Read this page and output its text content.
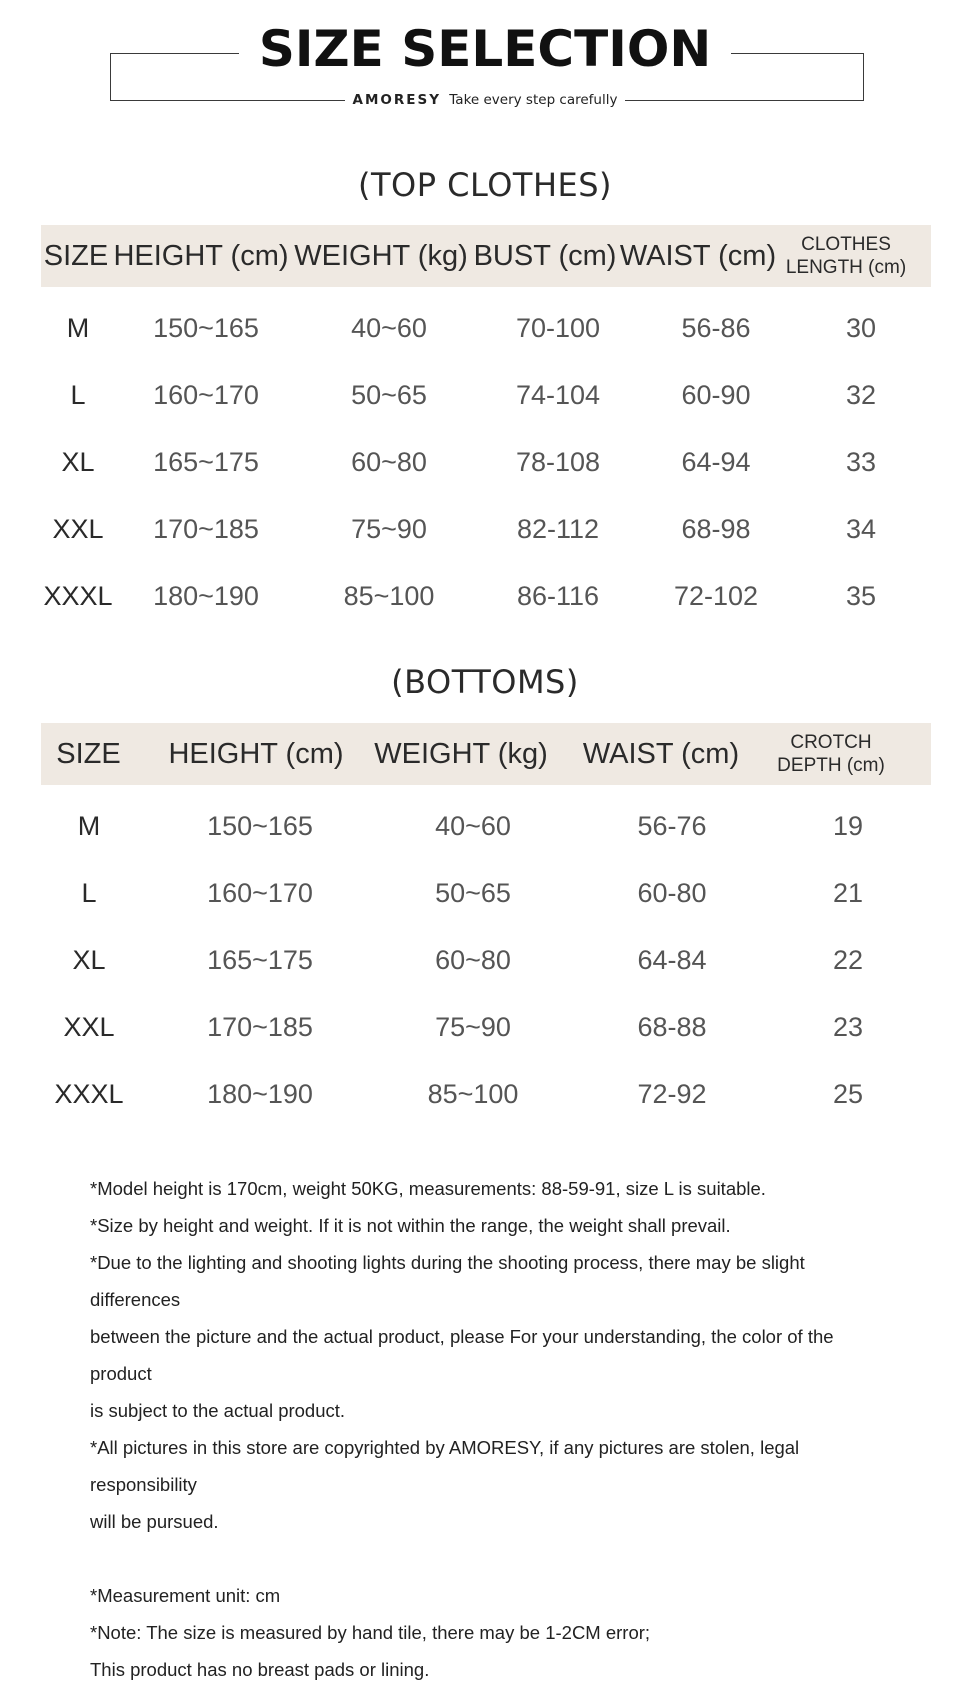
SIZE SELECTION
AMORESY Take every step carefully
(TOP CLOTHES)
SIZE HEIGHT (cm) WEIGHT (kg) BUST (cm) WAIST (cm)	CLOTHES LENGTH (cm)
M 150~165	40~60	70-100	56-86	30
L	160~170	50~65	74-104	60-90	32
XL 165~175	60~80	78-108	64-94	33
XXL 170~185	75~90	82-112	68-98	34
XXXL 180~190	85~100	86-116	72-102	35
(BOTTOMS)
SIZE	HEIGHT (cm)	WEIGHT (kg)	WAIST (cm)	CROTCH DEPTH (cm)
M	150~165	40~60	56-76	19
L	160~170	50~65	60-80	21
XL	165~175	60~80	64-84	22
XXL	170~185	75~90	68-88	23
XXXL	180~190	85~100	72-92	25

*Model height is 170cm, weight 50KG, measurements: 88-59-91, size L is suitable.

*Size by height and weight. If it is not within the range, the weight shall prevail.

*Due to the lighting and shooting lights during the shooting process, there may be slight differences

between the picture and the actual product, please For your understanding, the color of the product

is subject to the actual product.

*All pictures in this store are copyrighted by AMORESY, if any pictures are stolen, legal responsibility

will be pursued.

*Measurement unit: cm

*Note: The size is measured by hand tile, there may be 1-2CM error;

This product has no breast pads or lining.
